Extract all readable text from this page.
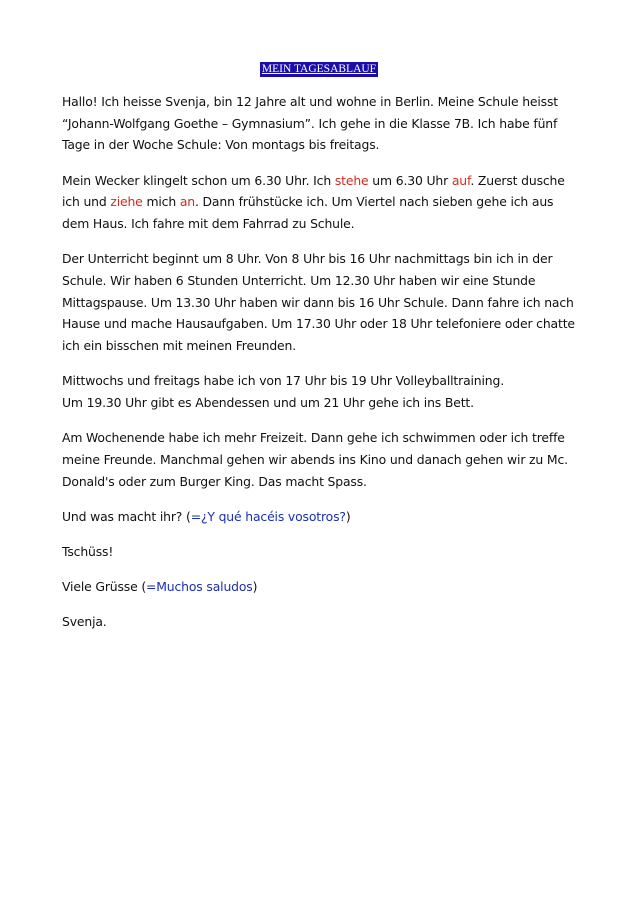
MEIN TAGESABLAUF

Hallo! Ich heisse Svenja, bin 12 Jahre alt und wohne in Berlin. Meine Schule heisst “Johann-Wolfgang Goethe – Gymnasium”. Ich gehe in die Klasse 7B. Ich habe fünf Tage in der Woche Schule: Von montags bis freitags.

Mein Wecker klingelt schon um 6.30 Uhr. Ich stehe um 6.30 Uhr auf. Zuerst dusche ich und ziehe mich an. Dann frühstücke ich. Um Viertel nach sieben gehe ich aus dem Haus. Ich fahre mit dem Fahrrad zu Schule.

Der Unterricht beginnt um 8 Uhr. Von 8 Uhr bis 16 Uhr nachmittags bin ich in der Schule. Wir haben 6 Stunden Unterricht. Um 12.30 Uhr haben wir eine Stunde Mittagspause. Um 13.30 Uhr haben wir dann bis 16 Uhr Schule. Dann fahre ich nach Hause und mache Hausaufgaben. Um 17.30 Uhr oder 18 Uhr telefoniere oder chatte ich ein bisschen mit meinen Freunden.

Mittwochs und freitags habe ich von 17 Uhr bis 19 Uhr Volleyballtraining.
Um 19.30 Uhr gibt es Abendessen und um 21 Uhr gehe ich ins Bett.

Am Wochenende habe ich mehr Freizeit. Dann gehe ich schwimmen oder ich treffe meine Freunde. Manchmal gehen wir abends ins Kino und danach gehen wir zu Mc. Donald's oder zum Burger King. Das macht Spass.

Und was macht ihr? (=¿Y qué hacéis vosotros?)

Tschüss!

Viele Grüsse (=Muchos saludos)

Svenja.
